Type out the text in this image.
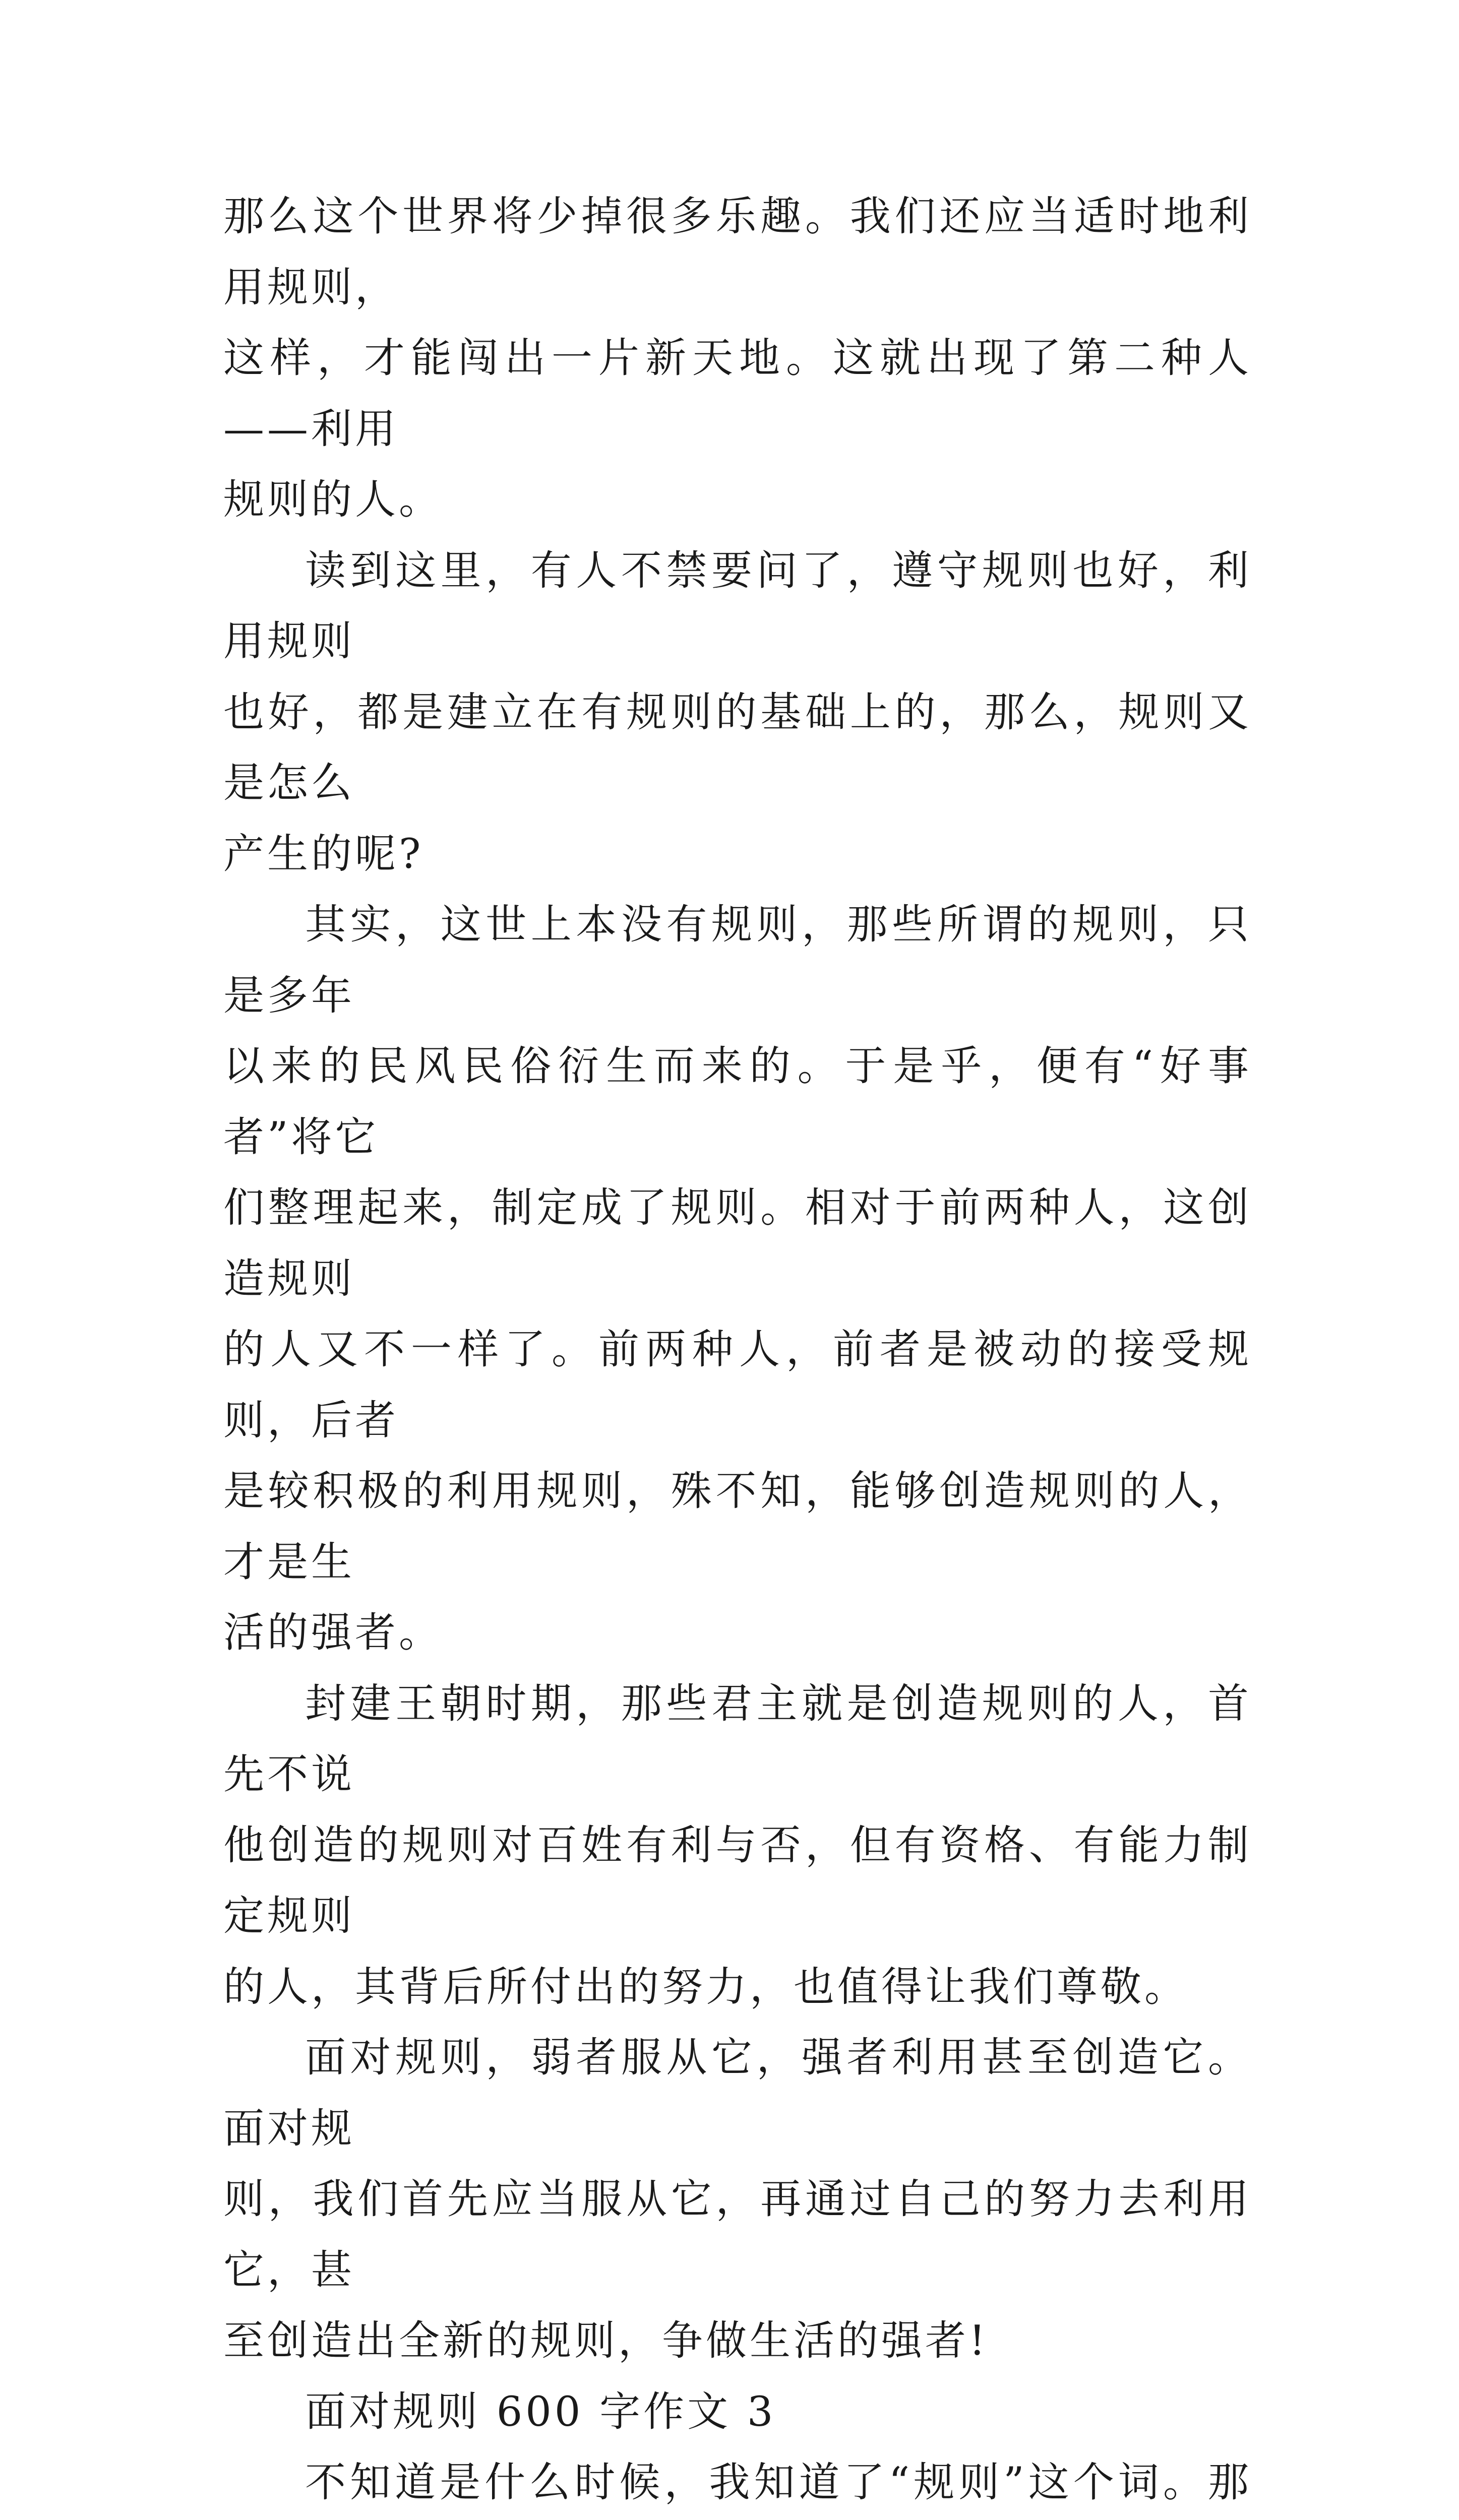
那么这个世界将少掉很多乐趣。我们还应当适时地利用规则，
这样，才能闯出一片新天地。这就出现了第二种人——利用
规则的人。

读到这里，有人不禁要问了，遵守规则也好，利用规则
也好，都是建立在有规则的基础上的，那么，规则又是怎么
产生的呢?

其实，这世上本没有规则，那些所谓的规则，只是多年
以来的民风民俗衍生而来的。于是乎，便有“好事者”将它
们整理起来，制定成了规则。相对于前两种人，这创造规则
的人又不一样了。前两种人，前者是被动的接受规则，后者
是较积极的利用规则，殊不知，能够创造规则的人，才是生
活的强者。

封建王朝时期，那些君主就是创造规则的人，首先不说
他创造的规则对百姓有利与否，但有资格、有能力制定规则
的人，其背后所付出的努力，也值得让我们尊敬。

面对规则，弱者服从它，强者利用甚至创造它。面对规
则，我们首先应当服从它，再通过自己的努力去利用它，甚
至创造出全新的规则，争做生活的强者!

面对规则 600 字作文 3

不知道是什么时候，我知道了“规则”这个词。那
